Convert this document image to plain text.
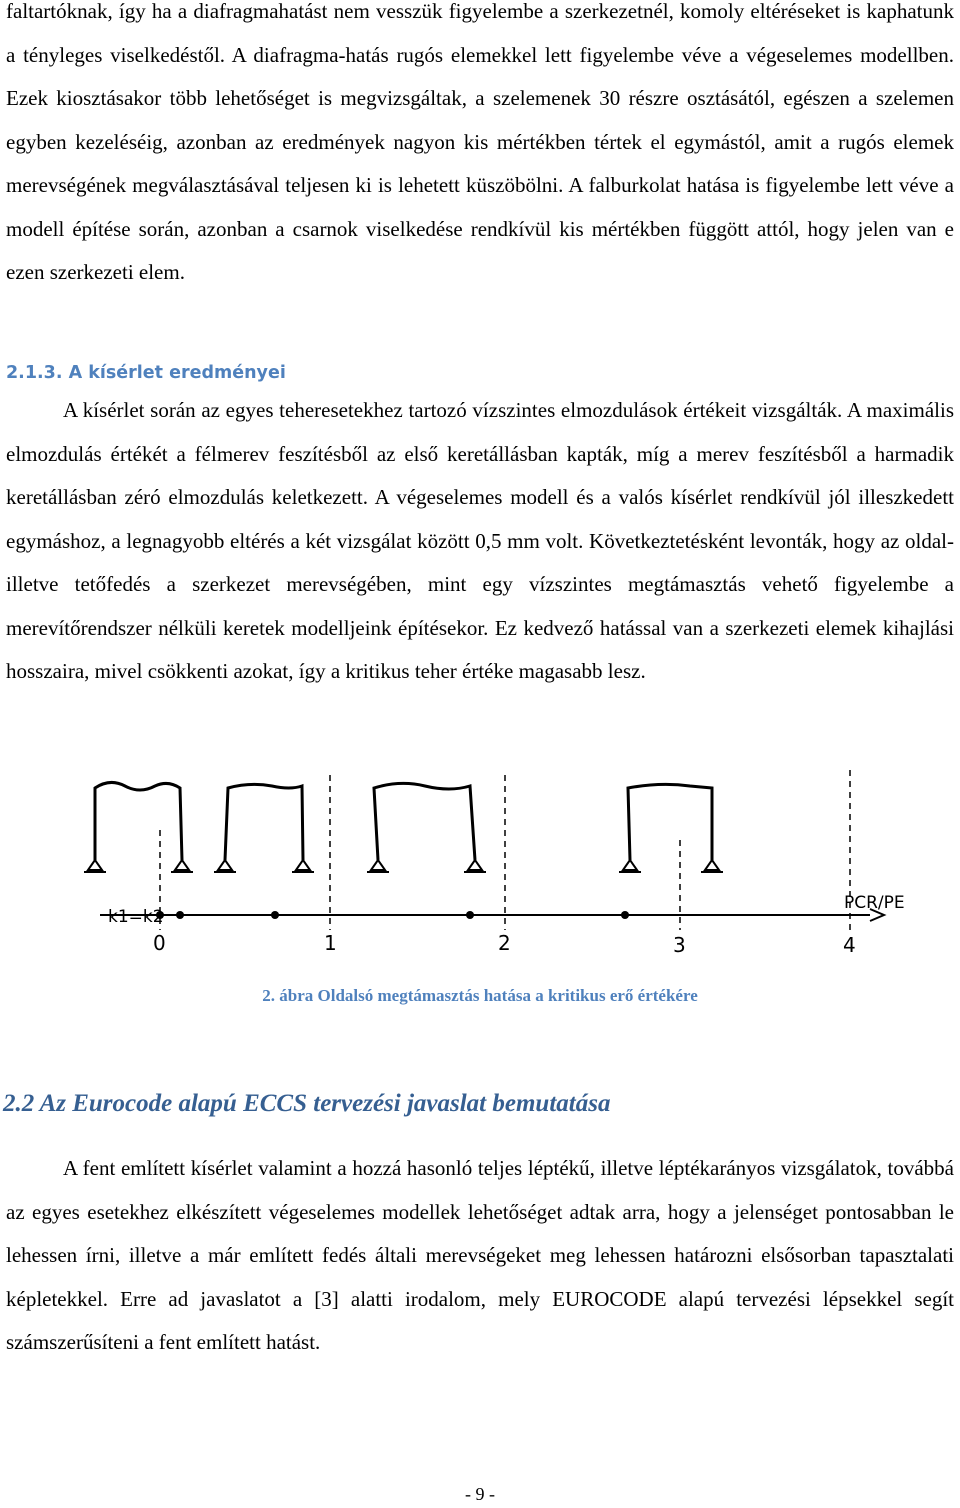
faltartóknak, így ha a diafragmahatást nem vesszük figyelembe a szerkezetnél, komoly eltéréseket is kaphatunk a tényleges viselkedéstől. A diafragma-hatás rugós elemekkel lett figyelembe véve a végeselemes modellben. Ezek kiosztásakor több lehetőséget is megvizsgáltak, a szelemenek 30 részre osztásától, egészen a szelemen egyben kezeléséig, azonban az eredmények nagyon kis mértékben tértek el egymástól, amit a rugós elemek merevségének megválasztásával teljesen ki is lehetett küszöbölni. A falburkolat hatása is figyelembe lett véve a modell építése során, azonban a csarnok viselkedése rendkívül kis mértékben függött attól, hogy jelen van e ezen szerkezeti elem.

2.1.3. A kísérlet eredményei

A kísérlet során az egyes teheresetekhez tartozó vízszintes elmozdulások értékeit vizsgálták. A maximális elmozdulás értékét a félmerev feszítésből az első keretállásban kapták, míg a merev feszítésből a harmadik keretállásban zéró elmozdulás keletkezett. A végeselemes modell és a valós kísérlet rendkívül jól illeszkedett egymáshoz, a legnagyobb eltérés a két vizsgálat között 0,5 mm volt. Következtetésként levonták, hogy az oldal- illetve tetőfedés a szerkezet merevségében, mint egy vízszintes megtámasztás vehető figyelembe a merevítőrendszer nélküli keretek modelljeink építésekor. Ez kedvező hatással van a szerkezeti elemek kihajlási hosszaira, mivel csökkenti azokat, így a kritikus teher értéke magasabb lesz.

k1=k2
PCR/PE
0	1	2	3	4

2. ábra Oldalsó megtámasztás hatása a kritikus erő értékére

2.2 Az Eurocode alapú ECCS tervezési javaslat bemutatása

A fent említett kísérlet valamint a hozzá hasonló teljes léptékű, illetve léptékarányos vizsgálatok, továbbá az egyes esetekhez elkészített végeselemes modellek lehetőséget adtak arra, hogy a jelenséget pontosabban le lehessen írni, illetve a már említett fedés általi merevségeket meg lehessen határozni elsősorban tapasztalati képletekkel. Erre ad javaslatot a [3] alatti irodalom, mely EUROCODE alapú tervezési lépsekkel segít számszerűsíteni a fent említett hatást.

- 9 -
